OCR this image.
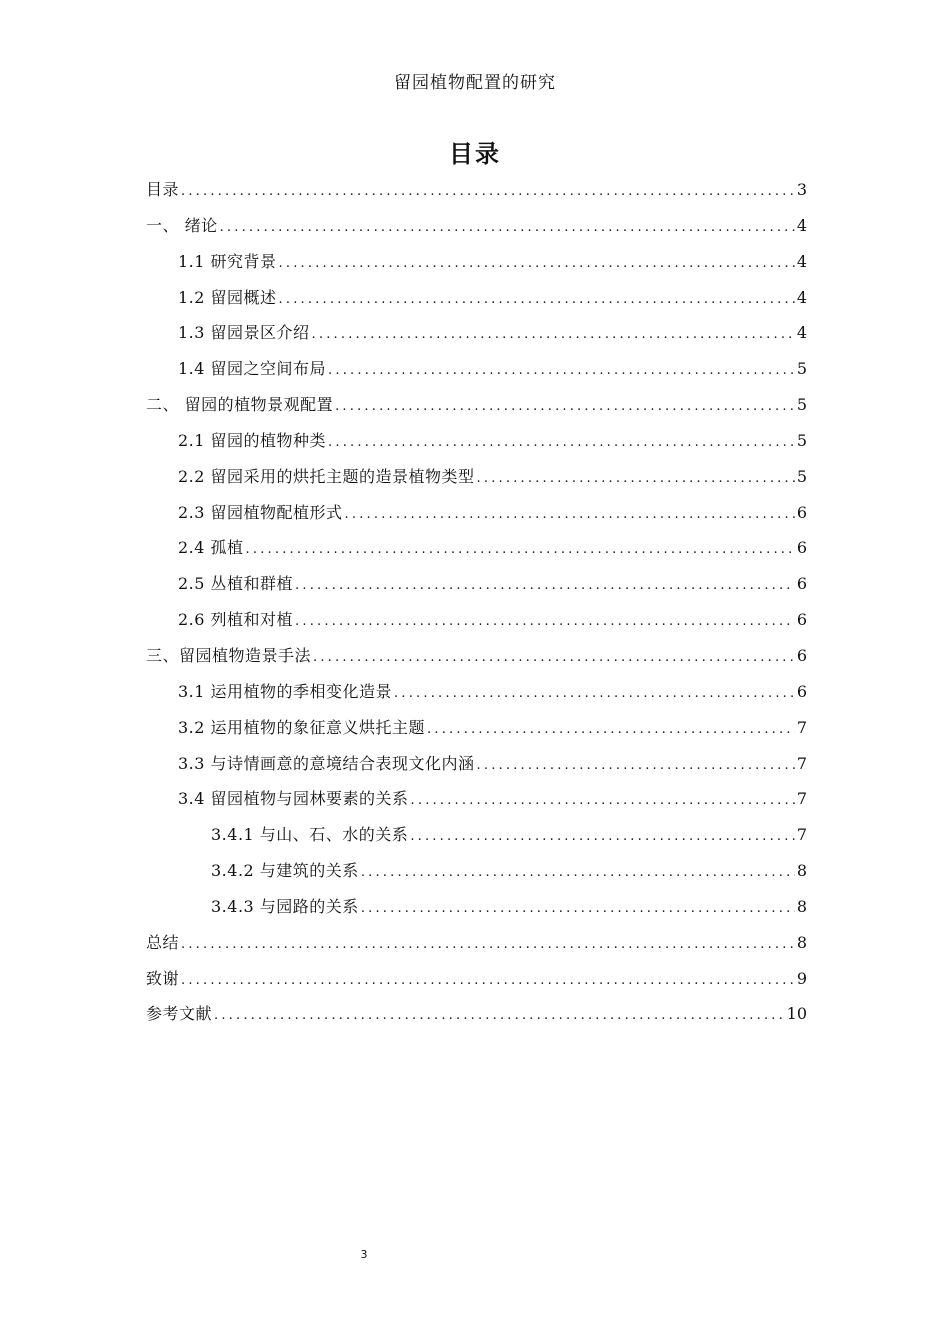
留园植物配置的研究
目录
目录 .....	3
一、 绪论 .....	4
1.1 研究背景 .....	4
1.2 留园概述 .....	4
1.3 留园景区介绍 .....	4
1.4 留园之空间布局 .....	5
二、 留园的植物景观配置 .....	5
2.1 留园的植物种类 .....	5
2.2 留园采用的烘托主题的造景植物类型 .....	5
2.3 留园植物配植形式 .....	6
2.4 孤植 .....	6
2.5 丛植和群植 .....	6
2.6 列植和对植 .....	6
三、留园植物造景手法 .....	6
3.1 运用植物的季相变化造景 .....	6
3.2 运用植物的象征意义烘托主题 .....	7
3.3 与诗情画意的意境结合表现文化内涵 .....	7
3.4 留园植物与园林要素的关系 .....	7
3.4.1 与山、石、水的关系 .....	7
3.4.2 与建筑的关系 .....	8
3.4.3 与园路的关系 .....	8
总结 .....	8
致谢 .....	9
参考文献 .....	10
3
